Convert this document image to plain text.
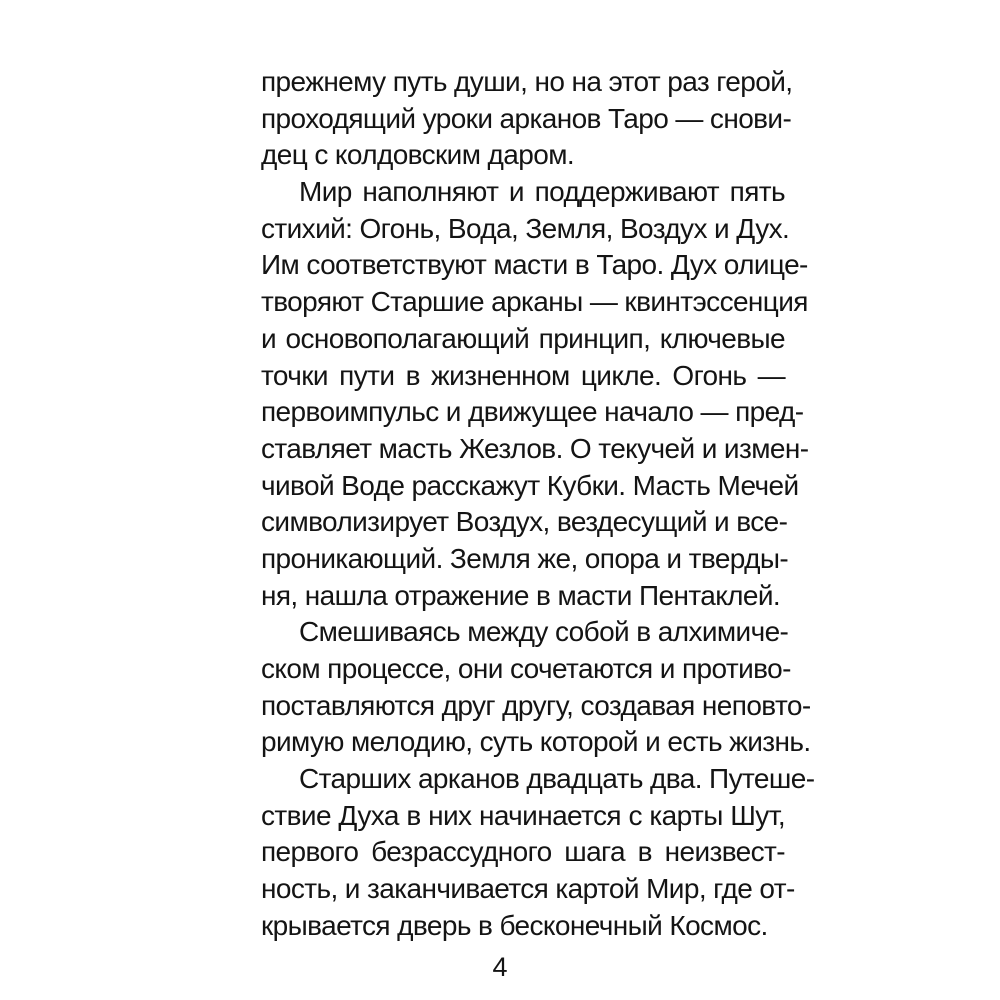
прежнему путь души, но на этот раз герой,
проходящий уроки арканов Таро — снови-
дец с колдовским даром.
Мир наполняют и поддерживают пять
стихий: Огонь, Вода, Земля, Воздух и Дух.
Им соответствуют масти в Таро. Дух олице-
творяют Старшие арканы — квинтэссенция
и основополагающий принцип, ключевые
точки пути в жизненном цикле. Огонь —
первоимпульс и движущее начало — пред-
ставляет масть Жезлов. О текучей и измен-
чивой Воде расскажут Кубки. Масть Мечей
символизирует Воздух, вездесущий и все-
проникающий. Земля же, опора и тверды-
ня, нашла отражение в масти Пентаклей.
Смешиваясь между собой в алхимиче-
ском процессе, они сочетаются и противо-
поставляются друг другу, создавая неповто-
римую мелодию, суть которой и есть жизнь.
Старших арканов двадцать два. Путеше-
ствие Духа в них начинается с карты Шут,
первого безрассудного шага в неизвест-
ность, и заканчивается картой Мир, где от-
крывается дверь в бесконечный Космос.
4
